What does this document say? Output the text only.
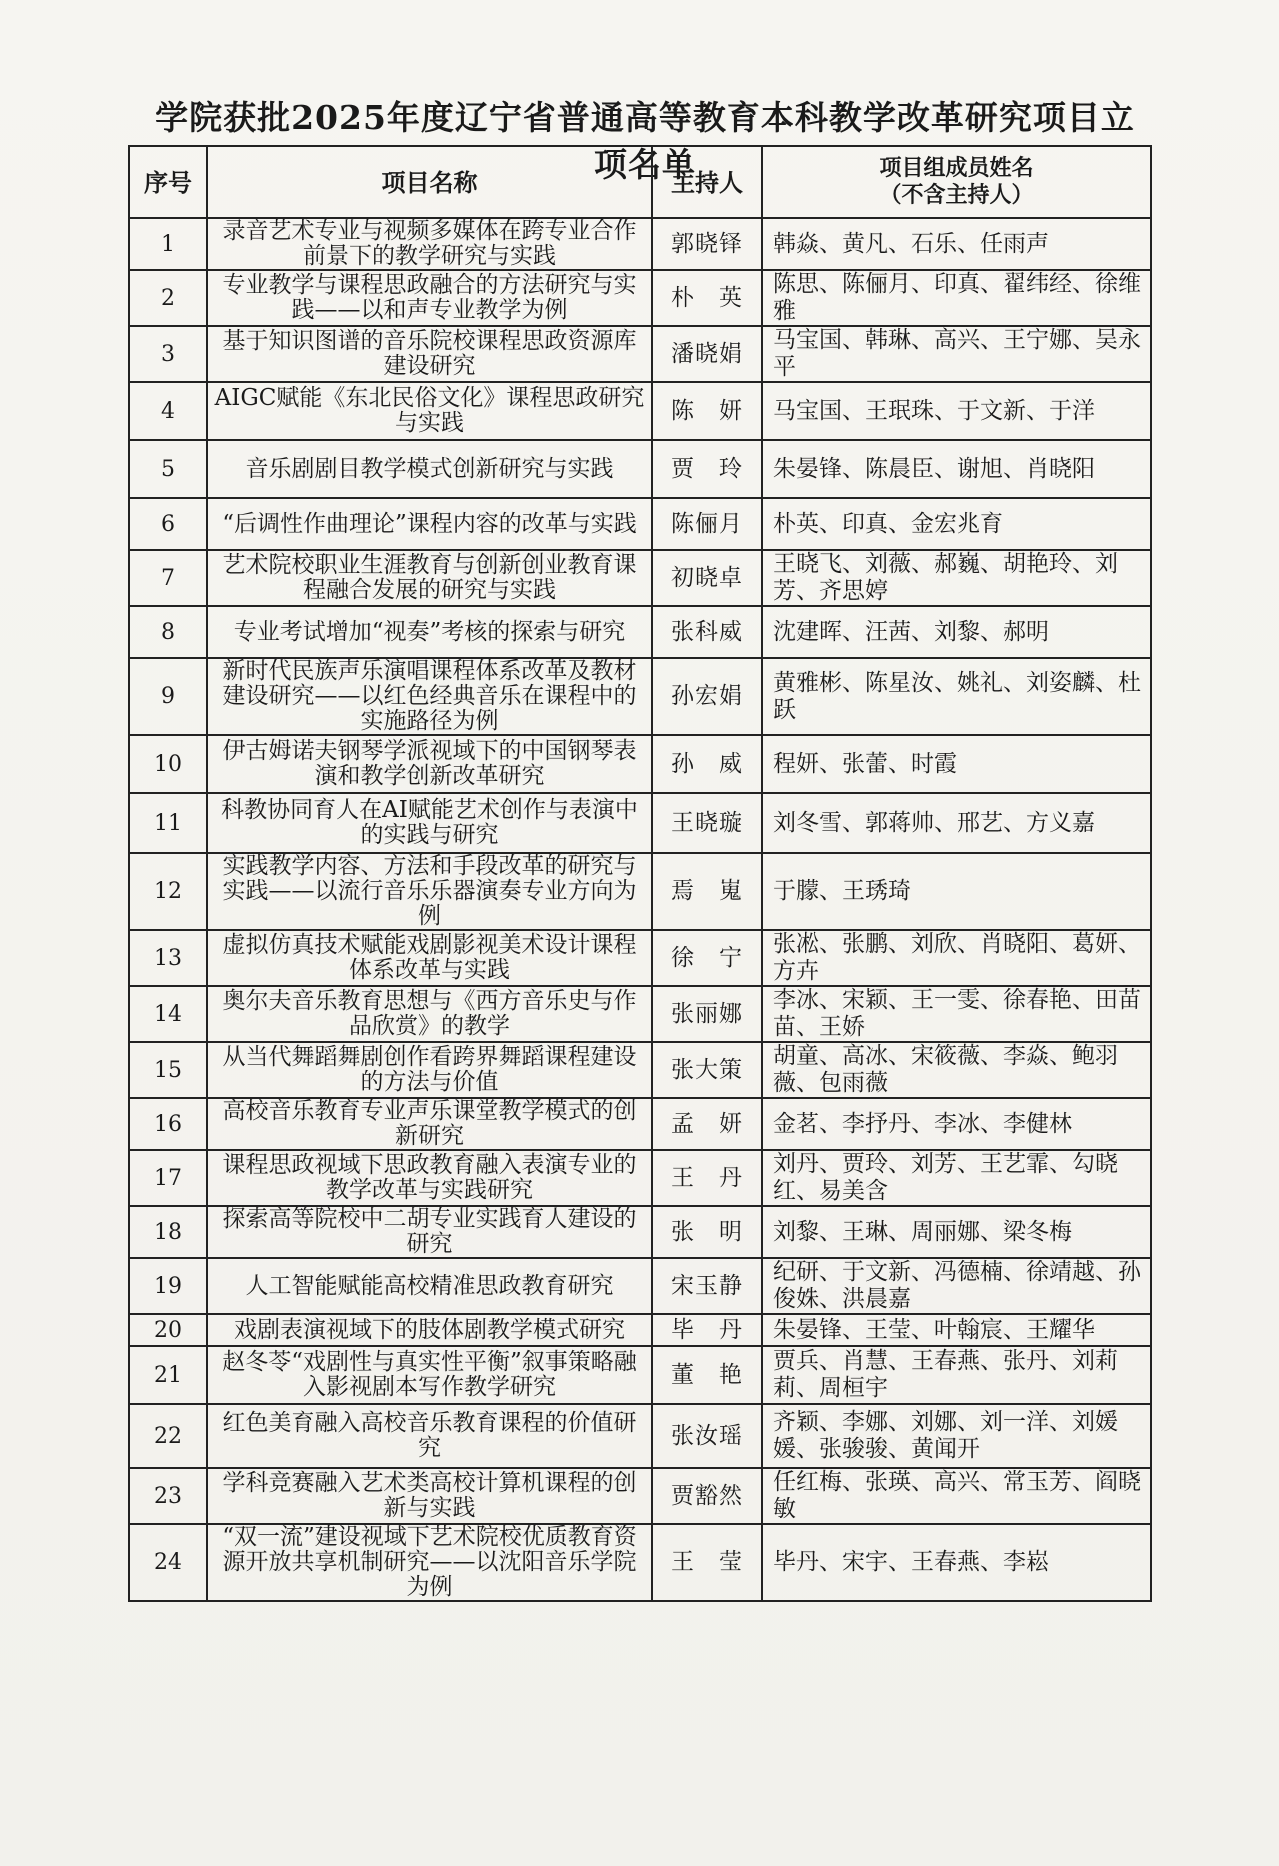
学院获批2025年度辽宁省普通高等教育本科教学改革研究项目立项名单
序号	项目名称	主持人	项目组成员姓名
（不含主持人）

1	录音艺术专业与视频多媒体在跨专业合作前景下的教学研究与实践	郭晓铎	韩焱、黄凡、石乐、任雨声
2	专业教学与课程思政融合的方法研究与实践——以和声专业教学为例	朴　英	陈思、陈俪月、印真、翟纬经、徐维雅
3	基于知识图谱的音乐院校课程思政资源库建设研究	潘晓娟	马宝国、韩琳、高兴、王宁娜、吴永平
4	AIGC赋能《东北民俗文化》课程思政研究与实践	陈　妍	马宝国、王珉珠、于文新、于洋
5	音乐剧剧目教学模式创新研究与实践	贾　玲	朱晏锋、陈晨臣、谢旭、肖晓阳
6	“后调性作曲理论”课程内容的改革与实践	陈俪月	朴英、印真、金宏兆育
7	艺术院校职业生涯教育与创新创业教育课程融合发展的研究与实践	初晓卓	王晓飞、刘薇、郝巍、胡艳玲、刘芳、齐思婷
8	专业考试增加“视奏”考核的探索与研究	张科威	沈建晖、汪茜、刘黎、郝明
9	新时代民族声乐演唱课程体系改革及教材建设研究——以红色经典音乐在课程中的实施路径为例	孙宏娟	黄雅彬、陈星汝、姚礼、刘姿麟、杜跃
10	伊古姆诺夫钢琴学派视域下的中国钢琴表演和教学创新改革研究	孙　威	程妍、张蕾、时霞
11	科教协同育人在AI赋能艺术创作与表演中的实践与研究	王晓璇	刘冬雪、郭蒋帅、邢艺、方义嘉
12	实践教学内容、方法和手段改革的研究与实践——以流行音乐乐器演奏专业方向为例	焉　嵬	于朦、王琇琦
13	虚拟仿真技术赋能戏剧影视美术设计课程体系改革与实践	徐　宁	张凇、张鹏、刘欣、肖晓阳、葛妍、方卉
14	奥尔夫音乐教育思想与《西方音乐史与作品欣赏》的教学	张丽娜	李冰、宋颖、王一雯、徐春艳、田苗苗、王娇
15	从当代舞蹈舞剧创作看跨界舞蹈课程建设的方法与价值	张大策	胡童、高冰、宋筱薇、李焱、鲍羽薇、包雨薇
16	高校音乐教育专业声乐课堂教学模式的创新研究	孟　妍	金茗、李抒丹、李冰、李健林
17	课程思政视域下思政教育融入表演专业的教学改革与实践研究	王　丹	刘丹、贾玲、刘芳、王艺霏、勾晓红、易美含
18	探索高等院校中二胡专业实践育人建设的研究	张　明	刘黎、王琳、周丽娜、梁冬梅
19	人工智能赋能高校精准思政教育研究	宋玉静	纪研、于文新、冯德楠、徐靖越、孙俊姝、洪晨嘉
20	戏剧表演视域下的肢体剧教学模式研究	毕　丹	朱晏锋、王莹、叶翰宸、王耀华
21	赵冬苓“戏剧性与真实性平衡”叙事策略融入影视剧本写作教学研究	董　艳	贾兵、肖慧、王春燕、张丹、刘莉莉、周桓宇
22	红色美育融入高校音乐教育课程的价值研究	张汝瑶	齐颖、李娜、刘娜、刘一洋、刘媛媛、张骏骏、黄闻开
23	学科竞赛融入艺术类高校计算机课程的创新与实践	贾豁然	任红梅、张瑛、高兴、常玉芳、阎晓敏
24	“双一流”建设视域下艺术院校优质教育资源开放共享机制研究——以沈阳音乐学院为例	王　莹	毕丹、宋宇、王春燕、李崧
